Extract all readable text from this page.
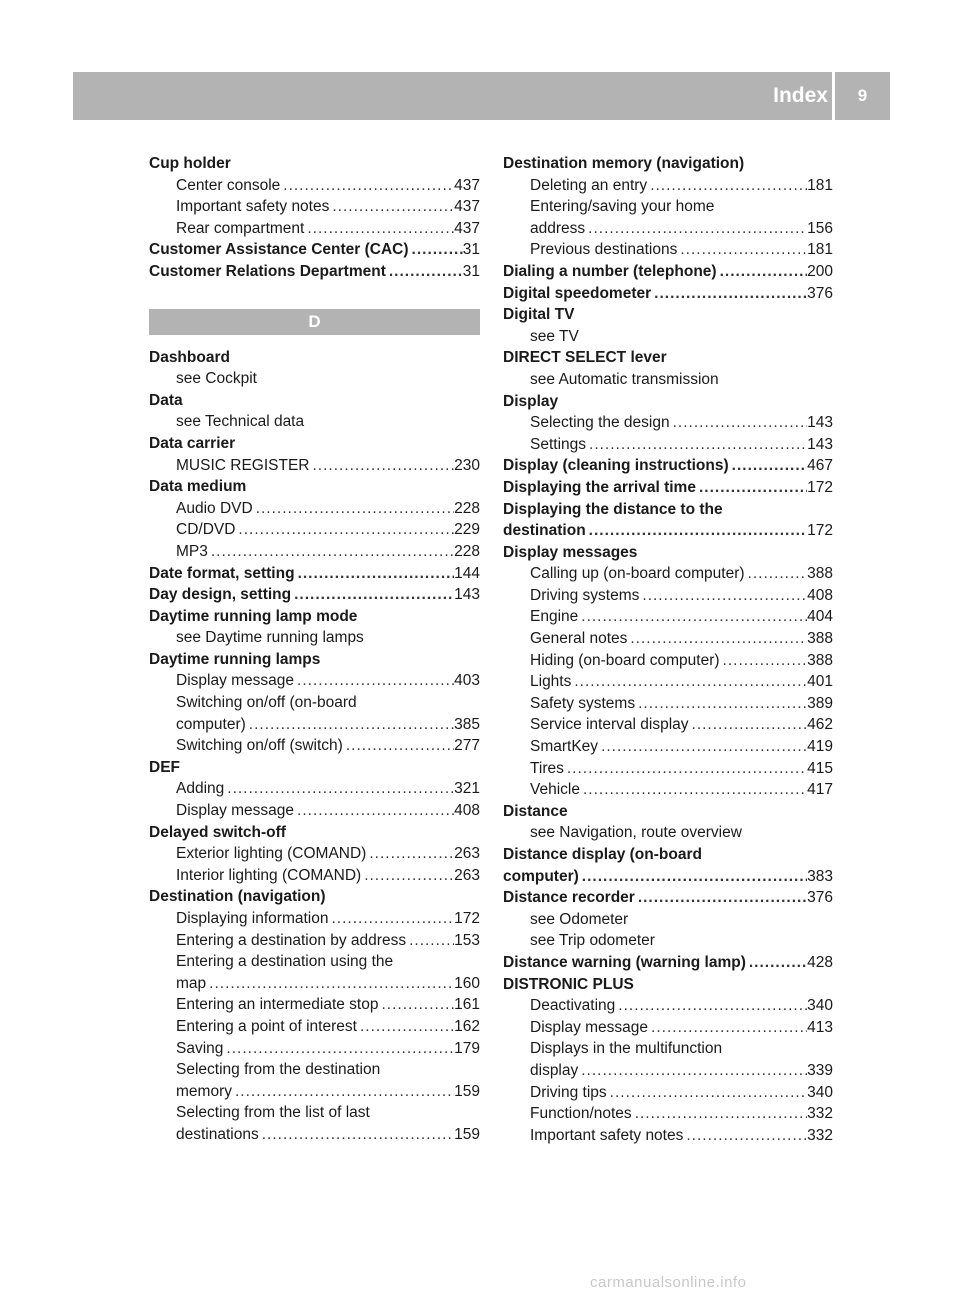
Index	9
Cup holder
Center console .....	437
Important safety notes .....	437
Rear compartment .....	437
Customer Assistance Center (CAC) .....	31
Customer Relations Department .....	31
D
Dashboard
see Cockpit
Data
see Technical data
Data carrier
MUSIC REGISTER .....	230
Data medium
Audio DVD .....	228
CD/DVD .....	229
MP3 .....	228
Date format, setting .....	144
Day design, setting .....	143
Daytime running lamp mode
see Daytime running lamps
Daytime running lamps
Display message .....	403
Switching on/off (on-board
computer) .....	385
Switching on/off (switch) .....	277
DEF
Adding .....	321
Display message .....	408
Delayed switch-off
Exterior lighting (COMAND) .....	263
Interior lighting (COMAND) .....	263
Destination (navigation)
Displaying information .....	172
Entering a destination by address .....	153
Entering a destination using the
map .....	160
Entering an intermediate stop .....	161
Entering a point of interest .....	162
Saving .....	179
Selecting from the destination
memory .....	159
Selecting from the list of last
destinations .....	159
Destination memory (navigation)
Deleting an entry .....	181
Entering/saving your home
address .....	156
Previous destinations .....	181
Dialing a number (telephone) .....	200
Digital speedometer .....	376
Digital TV
see TV
DIRECT SELECT lever
see Automatic transmission
Display
Selecting the design .....	143
Settings .....	143
Display (cleaning instructions) .....	467
Displaying the arrival time .....	172
Displaying the distance to the
destination .....	172
Display messages
Calling up (on-board computer) .....	388
Driving systems .....	408
Engine .....	404
General notes .....	388
Hiding (on-board computer) .....	388
Lights .....	401
Safety systems .....	389
Service interval display .....	462
SmartKey .....	419
Tires .....	415
Vehicle .....	417
Distance
see Navigation, route overview
Distance display (on-board
computer) .....	383
Distance recorder .....	376
see Odometer
see Trip odometer
Distance warning (warning lamp) .....	428
DISTRONIC PLUS
Deactivating .....	340
Display message .....	413
Displays in the multifunction
display .....	339
Driving tips .....	340
Function/notes .....	332
Important safety notes .....	332
carmanualsonline.info
